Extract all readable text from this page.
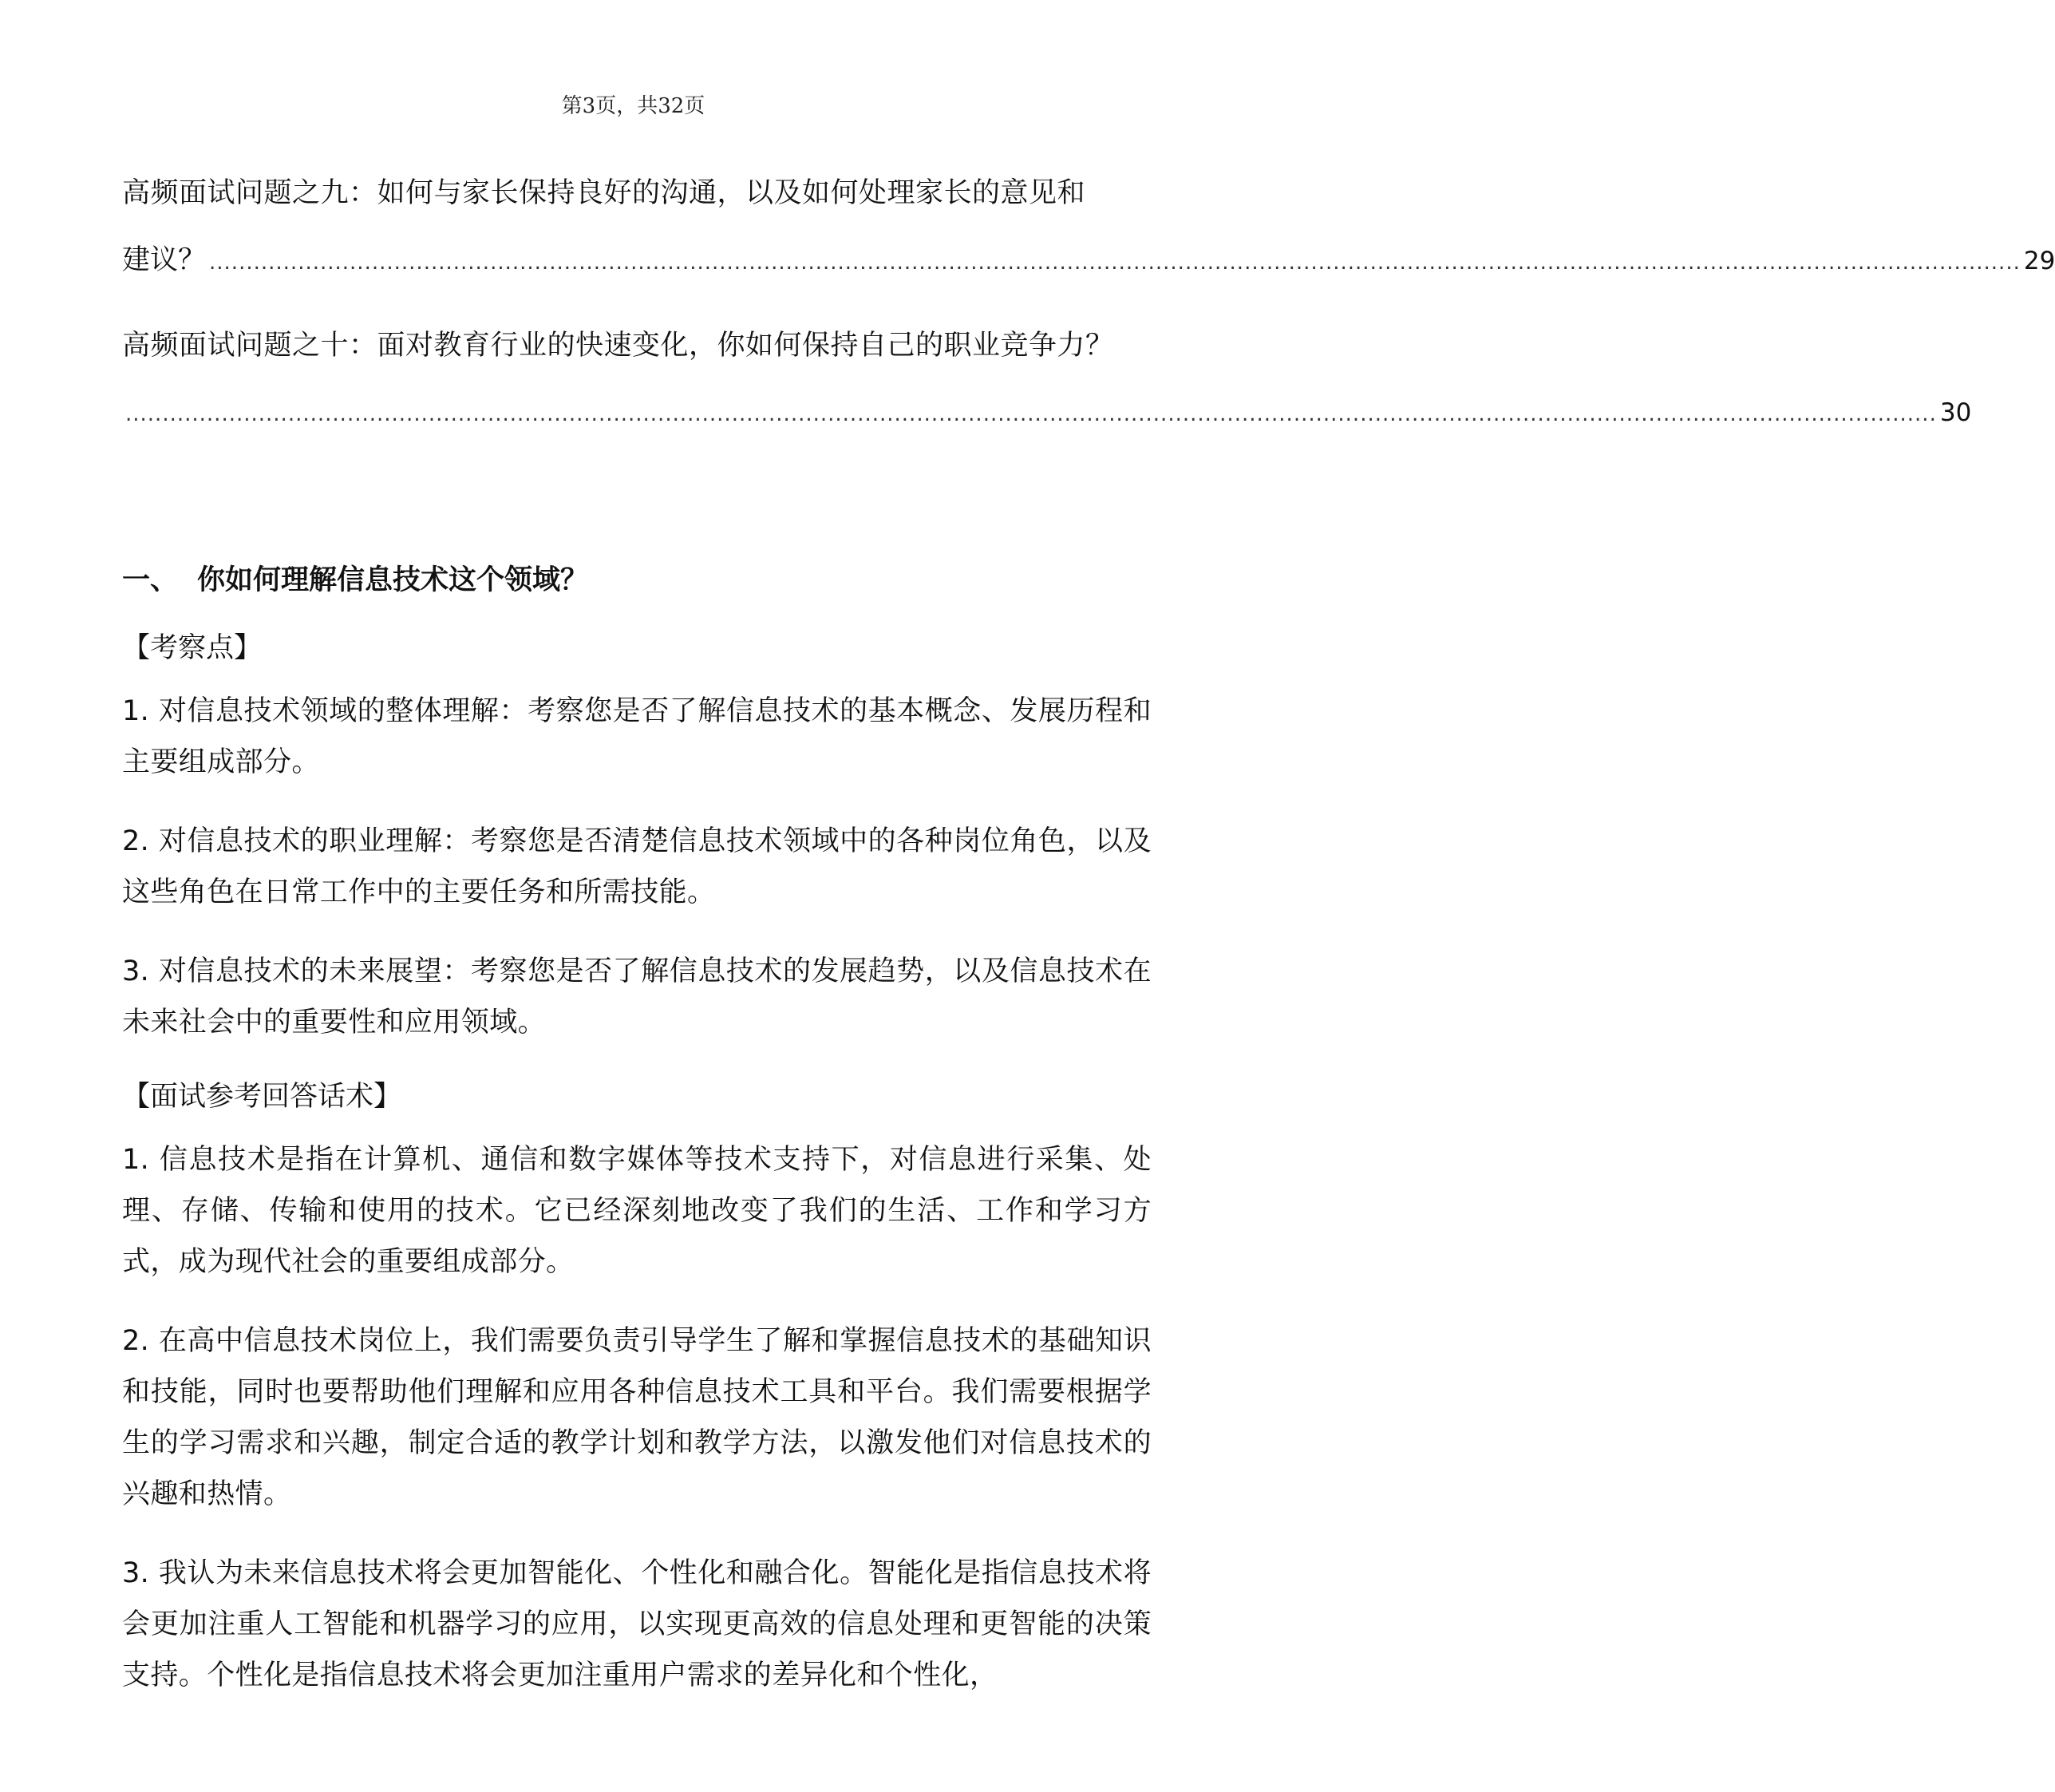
第3页，共32页
高频面试问题之九：如何与家长保持良好的沟通，以及如何处理家长的意见和
建议？ ..................................................................................................................................................................................................................................................... 29
高频面试问题之十：面对教育行业的快速变化，你如何保持自己的职业竞争力？
..................................................................................................................................................................................................................................................... 30
一、 你如何理解信息技术这个领域？
【考察点】

1. 对信息技术领域的整体理解：考察您是否了解信息技术的基本概念、发展历程和主要组成部分。

2. 对信息技术的职业理解：考察您是否清楚信息技术领域中的各种岗位角色，以及这些角色在日常工作中的主要任务和所需技能。

3. 对信息技术的未来展望：考察您是否了解信息技术的发展趋势，以及信息技术在未来社会中的重要性和应用领域。

【面试参考回答话术】

1. 信息技术是指在计算机、通信和数字媒体等技术支持下，对信息进行采集、处理、存储、传输和使用的技术。它已经深刻地改变了我们的生活、工作和学习方式，成为现代社会的重要组成部分。

2. 在高中信息技术岗位上，我们需要负责引导学生了解和掌握信息技术的基础知识和技能，同时也要帮助他们理解和应用各种信息技术工具和平台。我们需要根据学生的学习需求和兴趣，制定合适的教学计划和教学方法，以激发他们对信息技术的兴趣和热情。

3. 我认为未来信息技术将会更加智能化、个性化和融合化。智能化是指信息技术将会更加注重人工智能和机器学习的应用，以实现更高效的信息处理和更智能的决策支持。个性化是指信息技术将会更加注重用户需求的差异化和个性化，
